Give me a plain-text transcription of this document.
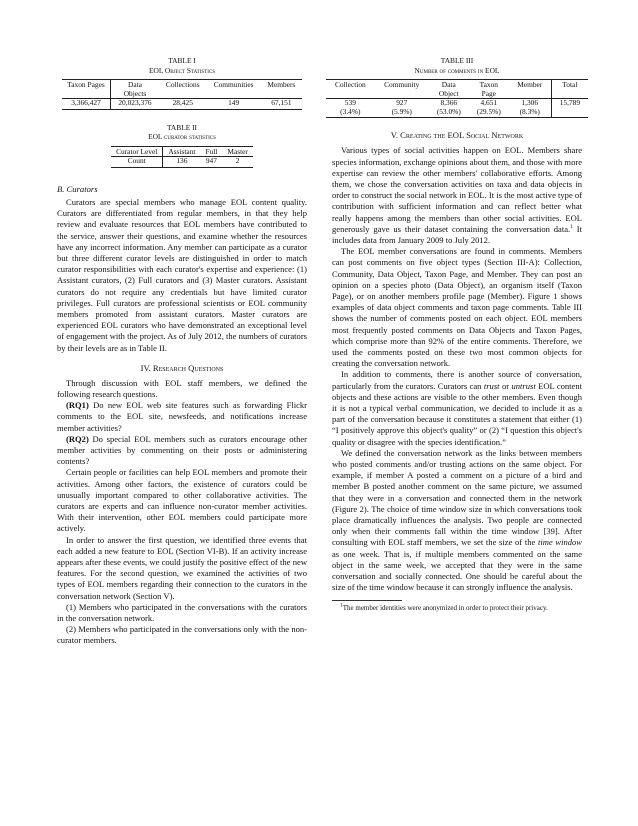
TABLE I
EOL Object Statistics
Taxon Pages	Data Objects	Collections	Communities	Members
3,366,427	20,023,376	28,425	149	67,151
TABLE II
EOL curator statistics
Curator Level	Assistant	Full	Master
Count	136	947	2
B. Curators

Curators are special members who manage EOL content quality. Curators are differentiated from regular members, in that they help review and evaluate resources that EOL members have contributed to the service, answer their questions, and examine whether the resources have any incorrect information. Any member can participate as a curator but three different curator levels are distinguished in order to match curator responsibilities with each curator's expertise and experience: (1) Assistant curators, (2) Full curators and (3) Master curators. Assistant curators do not require any credentials but have limited curator privileges. Full curators are professional scientists or EOL community members promoted from assistant curators. Master curators are experienced EOL curators who have demonstrated an exceptional level of engagement with the project. As of July 2012, the numbers of curators by their levels are as in Table II.

IV. Research Questions

Through discussion with EOL staff members, we defined the following research questions.

(RQ1) Do new EOL web site features such as forwarding Flickr comments to the EOL site, newsfeeds, and notifications increase member activities?

(RQ2) Do special EOL members such as curators encourage other member activities by commenting on their posts or administering contents?

Certain people or facilities can help EOL members and promote their activities. Among other factors, the existence of curators could be unusually important compared to other collaborative activities. The curators are experts and can influence non-curator member activities. With their intervention, other EOL members could participate more actively.

In order to answer the first question, we identified three events that each added a new feature to EOL (Section VI-B). If an activity increase appears after these events, we could justify the positive effect of the new features. For the second question, we examined the activities of two types of EOL members regarding their connection to the curators in the conversation network (Section V).

(1) Members who participated in the conversations with the curators in the conversation network.

(2) Members who participated in the conversations only with the non-curator members.

TABLE III
Number of comments in EOL
Collection	Community	Data Object	Taxon Page	Member	Total
539	927	8,366	4,651	1,306	15,789
(3.4%)	(5.9%)	(53.0%)	(29.5%)	(8.3%)	
V. Creating the EOL Social Network

Various types of social activities happen on EOL. Members share species information, exchange opinions about them, and those with more expertise can review the other members' collaborative efforts. Among them, we chose the conversation activities on taxa and data objects in order to construct the social network in EOL. It is the most active type of contribution with sufficient information and can reflect better what really happens among the members than other social activities. EOL generously gave us their dataset containing the conversation data.$^1$ It includes data from January 2009 to July 2012.

The EOL member conversations are found in comments. Members can post comments on five object types (Section III-A): Collection, Community, Data Object, Taxon Page, and Member. They can post an opinion on a species photo (Data Object), an organism itself (Taxon Page), or on another members profile page (Member). Figure 1 shows examples of data object comments and taxon page comments. Table III shows the number of comments posted on each object. EOL members most frequently posted comments on Data Objects and Taxon Pages, which comprise more than 92% of the entire comments. Therefore, we used the comments posted on these two most common objects for creating the conversation network.

In addition to comments, there is another source of conversation, particularly from the curators. Curators can trust or untrust EOL content objects and these actions are visible to the other members. Even though it is not a typical verbal communication, we decided to include it as a part of the conversation because it constitutes a statement that either (1) “I positively approve this object's quality” or (2) “I question this object's quality or disagree with the species identification.”

We defined the conversation network as the links between members who posted comments and/or trusting actions on the same object. For example, if member A posted a comment on a picture of a bird and member B posted another comment on the same picture, we assumed that they were in a conversation and connected them in the network (Figure 2). The choice of time window size in which conversations took place dramatically influences the analysis. Two people are connected only when their comments fall within the time window [39]. After consulting with EOL staff members, we set the size of the time window as one week. That is, if multiple members commented on the same object in the same week, we accepted that they were in the same conversation and socially connected. One should be careful about the size of the time window because it can strongly influence the analysis.

$^1$The member identities were anonymized in order to protect their privacy.
